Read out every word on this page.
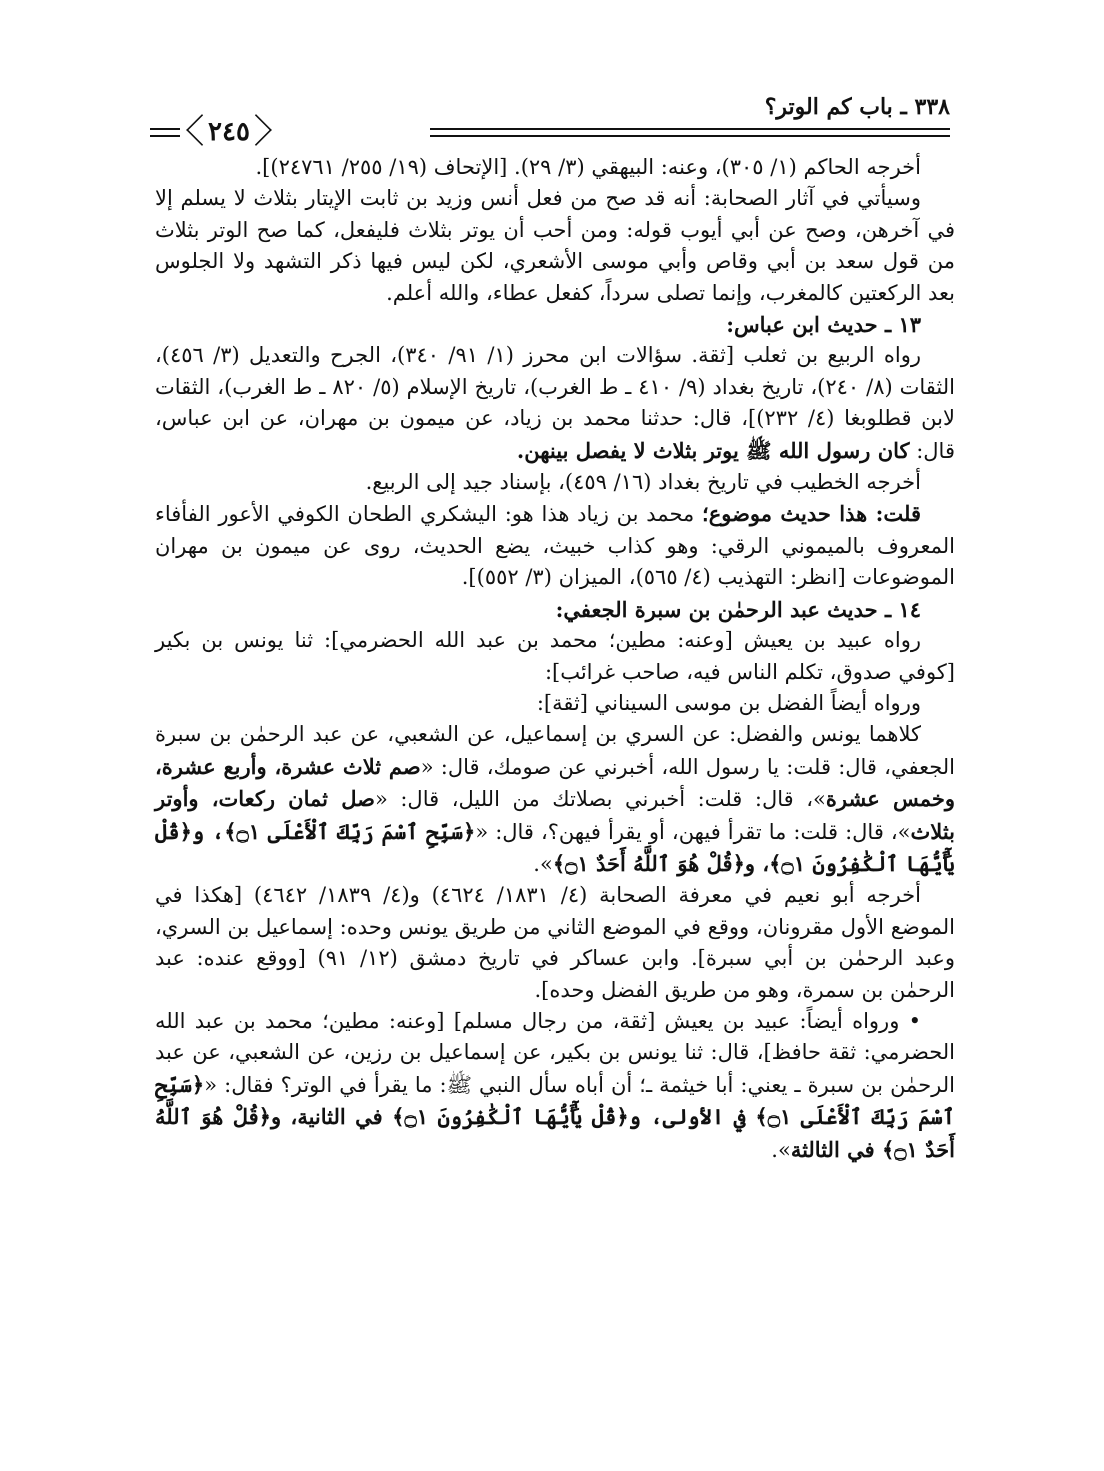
٣٣٨ ـ باب كم الوتر؟
٢٤٥

أخرجه الحاكم (١/ ٣٠٥)، وعنه: البيهقي (٣/ ٢٩). [الإتحاف (١٩/ ٢٥٥/ ٢٤٧٦١)].

وسيأتي في آثار الصحابة: أنه قد صح من فعل أنس وزيد بن ثابت الإيتار بثلاث لا يسلم إلا في آخرهن، وصح عن أبي أيوب قوله: ومن أحب أن يوتر بثلاث فليفعل، كما صح الوتر بثلاث من قول سعد بن أبي وقاص وأبي موسى الأشعري، لكن ليس فيها ذكر التشهد ولا الجلوس بعد الركعتين كالمغرب، وإنما تصلى سرداً، كفعل عطاء، والله أعلم.

١٣ ـ حديث ابن عباس:

رواه الربيع بن ثعلب [ثقة. سؤالات ابن محرز (١/ ٩١/ ٣٤٠)، الجرح والتعديل (٣/ ٤٥٦)، الثقات (٨/ ٢٤٠)، تاريخ بغداد (٩/ ٤١٠ ـ ط الغرب)، تاريخ الإسلام (٥/ ٨٢٠ ـ ط الغرب)، الثقات لابن قطلوبغا (٤/ ٢٣٢)]، قال: حدثنا محمد بن زياد، عن ميمون بن مهران، عن ابن عباس، قال: كان رسول الله ﷺ يوتر بثلاث لا يفصل بينهن.

أخرجه الخطيب في تاريخ بغداد (١٦/ ٤٥٩)، بإسناد جيد إلى الربيع.

قلت: هذا حديث موضوع؛ محمد بن زياد هذا هو: اليشكري الطحان الكوفي الأعور الفأفاء المعروف بالميموني الرقي: وهو كذاب خبيث، يضع الحديث، روى عن ميمون بن مهران الموضوعات [انظر: التهذيب (٤/ ٥٦٥)، الميزان (٣/ ٥٥٢)].

١٤ ـ حديث عبد الرحمٰن بن سبرة الجعفي:

رواه عبيد بن يعيش [وعنه: مطين؛ محمد بن عبد الله الحضرمي]: ثنا يونس بن بكير [كوفي صدوق، تكلم الناس فيه، صاحب غرائب]:

ورواه أيضاً الفضل بن موسى السيناني [ثقة]:

كلاهما يونس والفضل: عن السري بن إسماعيل، عن الشعبي، عن عبد الرحمٰن بن سبرة الجعفي، قال: قلت: يا رسول الله، أخبرني عن صومك، قال: «صم ثلاث عشرة، وأربع عشرة، وخمس عشرة»، قال: قلت: أخبرني بصلاتك من الليل، قال: «صل ثمان ركعات، وأوتر بثلاث»، قال: قلت: ما تقرأ فيهن، أو يقرأ فيهن؟، قال: «﴿سَبِّحِ ٱسْمَ رَبِّكَ ٱلْأَعْلَى ۝١﴾، و﴿قُلْ يَٰٓأَيُّهَا ٱلْكَٰفِرُونَ ۝١﴾، و﴿قُلْ هُوَ ٱللَّهُ أَحَدٌ ۝١﴾».

أخرجه أبو نعيم في معرفة الصحابة (٤/ ١٨٣١/ ٤٦٢٤) و(٤/ ١٨٣٩/ ٤٦٤٢) [هكذا في الموضع الأول مقرونان، ووقع في الموضع الثاني من طريق يونس وحده: إسماعيل بن السري، وعبد الرحمٰن بن أبي سبرة]. وابن عساكر في تاريخ دمشق (١٢/ ٩١) [ووقع عنده: عبد الرحمٰن بن سمرة، وهو من طريق الفضل وحده].

• ورواه أيضاً: عبيد بن يعيش [ثقة، من رجال مسلم] [وعنه: مطين؛ محمد بن عبد الله الحضرمي: ثقة حافظ]، قال: ثنا يونس بن بكير، عن إسماعيل بن رزين، عن الشعبي، عن عبد الرحمٰن بن سبرة ـ يعني: أبا خيثمة ـ؛ أن أباه سأل النبي ﷺ: ما يقرأ في الوتر؟ فقال: «﴿سَبِّحِ ٱسْمَ رَبِّكَ ٱلْأَعْلَى ۝١﴾ في الأولى، و﴿قُلْ يَٰٓأَيُّهَا ٱلْكَٰفِرُونَ ۝١﴾ في الثانية، و﴿قُلْ هُوَ ٱللَّهُ أَحَدٌ ۝١﴾ في الثالثة».
